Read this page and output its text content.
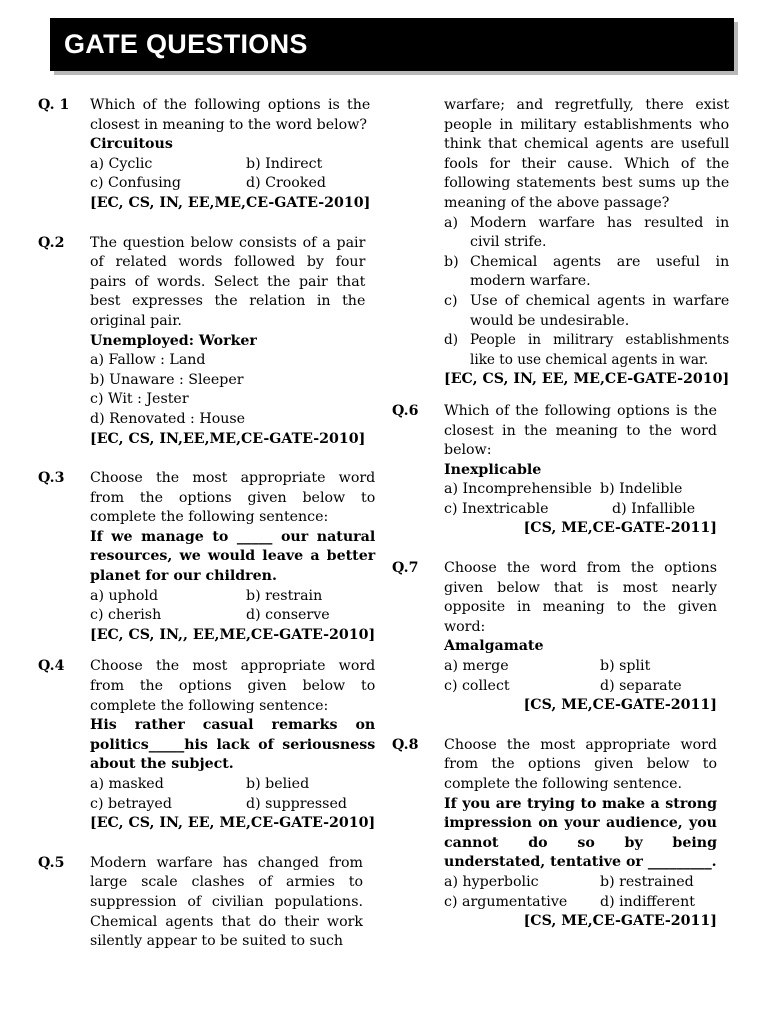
GATE QUESTIONS
Q. 1	Which of the following options is the closest in meaning to the word below?
Circuitous
a) Cyclic	b) Indirect
c) Confusing	d) Crooked
[EC, CS, IN, EE,ME,CE-GATE-2010]
Q.2	The question below consists of a pair of related words followed by four pairs of words. Select the pair that best expresses the relation in the original pair.
Unemployed: Worker
a) Fallow : Land
b) Unaware : Sleeper
c) Wit : Jester
d) Renovated : House
[EC, CS, IN,EE,ME,CE-GATE-2010]
Q.3	Choose the most appropriate word from the options given below to complete the following sentence:
If we manage to _____ our natural resources, we would leave a better planet for our children.
a) uphold	b) restrain
c) cherish	d) conserve
[EC, CS, IN,, EE,ME,CE-GATE-2010]
Q.4	Choose the most appropriate word from the options given below to complete the following sentence:
His rather casual remarks on politics_____his lack of seriousness about the subject.
a) masked	b) belied
c) betrayed	d) suppressed
[EC, CS, IN, EE, ME,CE-GATE-2010]
Q.5	Modern warfare has changed from large scale clashes of armies to suppression of civilian populations. Chemical agents that do their work silently appear to be suited to such
warfare; and regretfully, there exist people in military establishments who think that chemical agents are usefull fools for their cause. Which of the following statements best sums up the meaning of the above passage?
a) Modern warfare has resulted in civil strife.
b) Chemical agents are useful in modern warfare.
c) Use of chemical agents in warfare would be undesirable.
d) People in militrary establishments like to use chemical agents in war.
[EC, CS, IN, EE, ME,CE-GATE-2010]
Q.6	Which of the following options is the closest in the meaning to the word below:
Inexplicable
a) Incomprehensible b) Indelible
c) Inextricable	d) Infallible
[CS, ME,CE-GATE-2011]
Q.7	Choose the word from the options given below that is most nearly opposite in meaning to the given word:
Amalgamate
a) merge	b) split
c) collect	d) separate
[CS, ME,CE-GATE-2011]
Q.8	Choose the most appropriate word from the options given below to complete the following sentence.
If you are trying to make a strong impression on your audience, you cannot do so by being understated, tentative or _________.
a) hyperbolic	b) restrained
c) argumentative	d) indifferent
[CS, ME,CE-GATE-2011]
